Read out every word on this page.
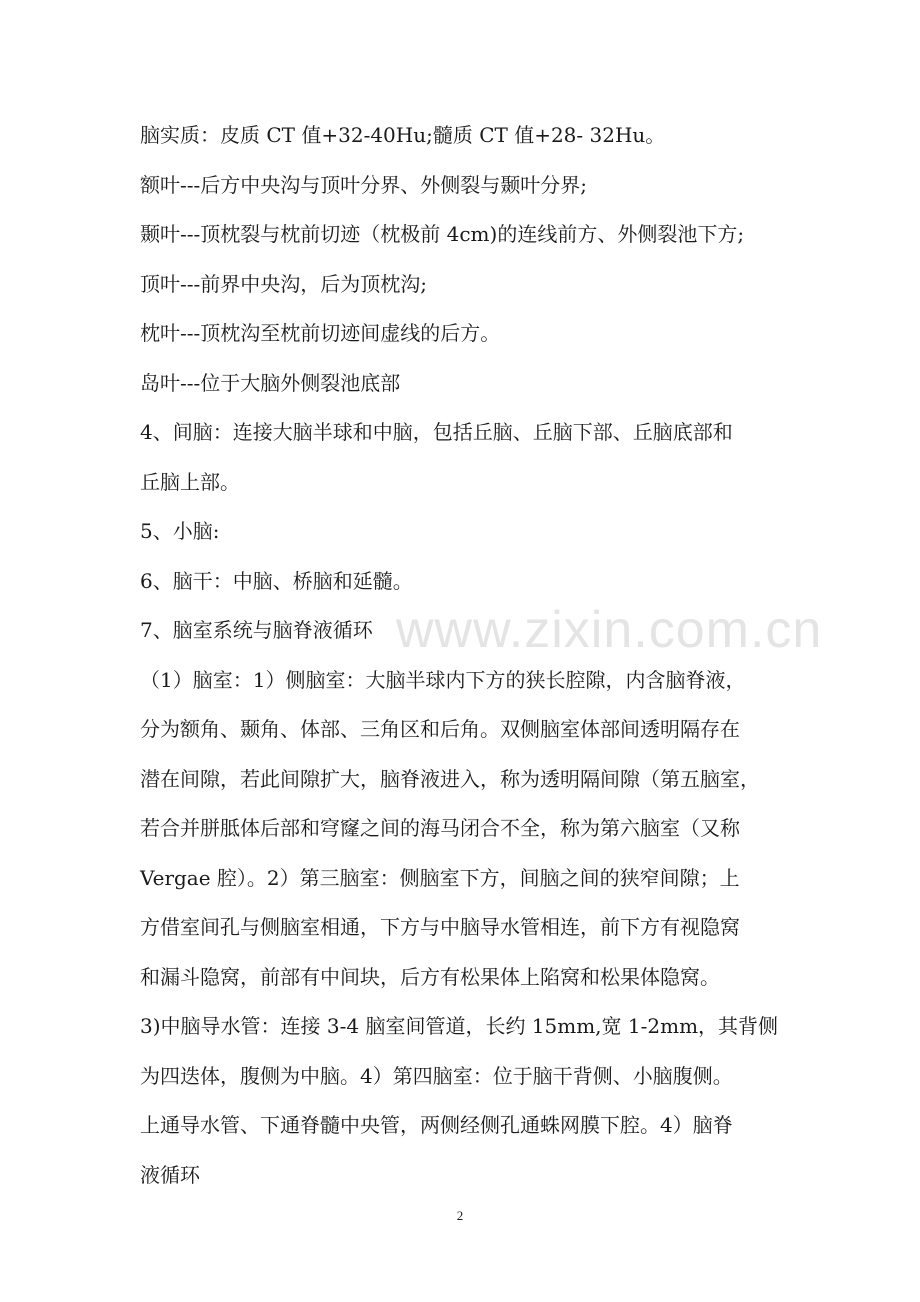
脑实质：皮质 CT 值+32-40Hu;髓质 CT 值+28- 32Hu。
额叶---后方中央沟与顶叶分界、外侧裂与颞叶分界;
颞叶---顶枕裂与枕前切迹（枕极前 4cm)的连线前方、外侧裂池下方;
顶叶---前界中央沟，后为顶枕沟;
枕叶---顶枕沟至枕前切迹间虚线的后方。
岛叶---位于大脑外侧裂池底部
4、间脑：连接大脑半球和中脑，包括丘脑、丘脑下部、丘脑底部和
丘脑上部。
5、小脑:
6、脑干：中脑、桥脑和延髓。
7、脑室系统与脑脊液循环
（1）脑室：1）侧脑室：大脑半球内下方的狭长腔隙，内含脑脊液，
分为额角、颞角、体部、三角区和后角。双侧脑室体部间透明隔存在
潜在间隙，若此间隙扩大，脑脊液进入，称为透明隔间隙（第五脑室，
若合并胼胝体后部和穹窿之间的海马闭合不全，称为第六脑室（又称
Vergae 腔）。2）第三脑室：侧脑室下方，间脑之间的狭窄间隙；上
方借室间孔与侧脑室相通，下方与中脑导水管相连，前下方有视隐窝
和漏斗隐窝，前部有中间块，后方有松果体上陷窝和松果体隐窝。
3)中脑导水管：连接 3-4 脑室间管道，长约 15mm,宽 1-2mm，其背侧
为四迭体，腹侧为中脑。4）第四脑室：位于脑干背侧、小脑腹侧。
上通导水管、下通脊髓中央管，两侧经侧孔通蛛网膜下腔。4）脑脊
液循环
www.zixin.com.cn
2
